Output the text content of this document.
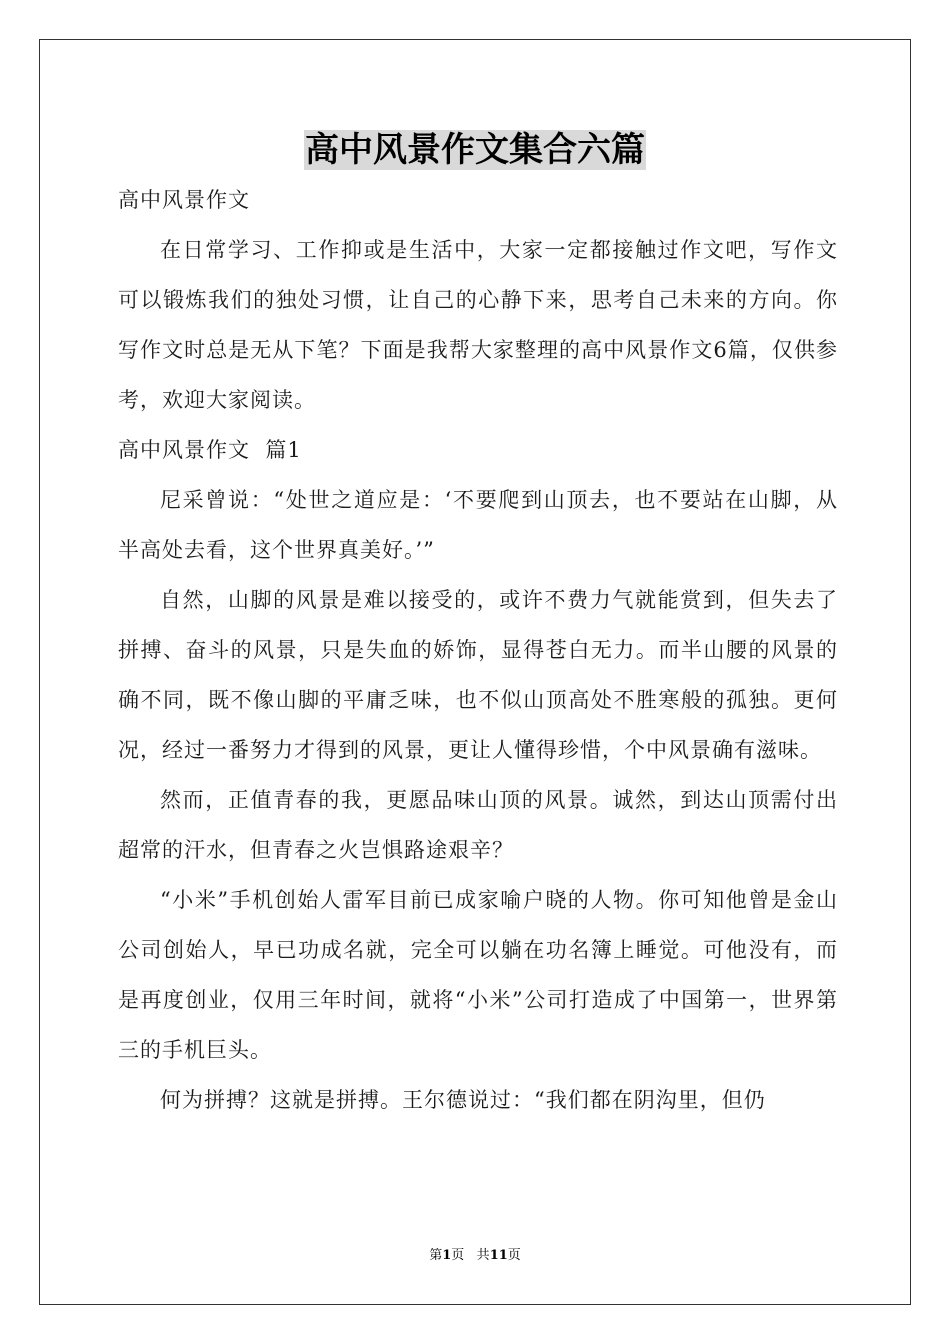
高中风景作文集合六篇

高中风景作文

在日常学习、工作抑或是生活中，大家一定都接触过作文吧，写作文可以锻炼我们的独处习惯，让自己的心静下来，思考自己未来的方向。你写作文时总是无从下笔？下面是我帮大家整理的高中风景作文6篇，仅供参考，欢迎大家阅读。

高中风景作文  篇1

尼采曾说：“处世之道应是：‘不要爬到山顶去，也不要站在山脚，从半高处去看，这个世界真美好。’”

自然，山脚的风景是难以接受的，或许不费力气就能赏到，但失去了拼搏、奋斗的风景，只是失血的娇饰，显得苍白无力。而半山腰的风景的确不同，既不像山脚的平庸乏味，也不似山顶高处不胜寒般的孤独。更何况，经过一番努力才得到的风景，更让人懂得珍惜，个中风景确有滋味。

然而，正值青春的我，更愿品味山顶的风景。诚然，到达山顶需付出超常的汗水，但青春之火岂惧路途艰辛？

“小米”手机创始人雷军目前已成家喻户晓的人物。你可知他曾是金山公司创始人，早已功成名就，完全可以躺在功名簿上睡觉。可他没有，而是再度创业，仅用三年时间，就将“小米”公司打造成了中国第一，世界第三的手机巨头。

何为拼搏？这就是拼搏。王尔德说过：“我们都在阴沟里，但仍

第1页 共11页
